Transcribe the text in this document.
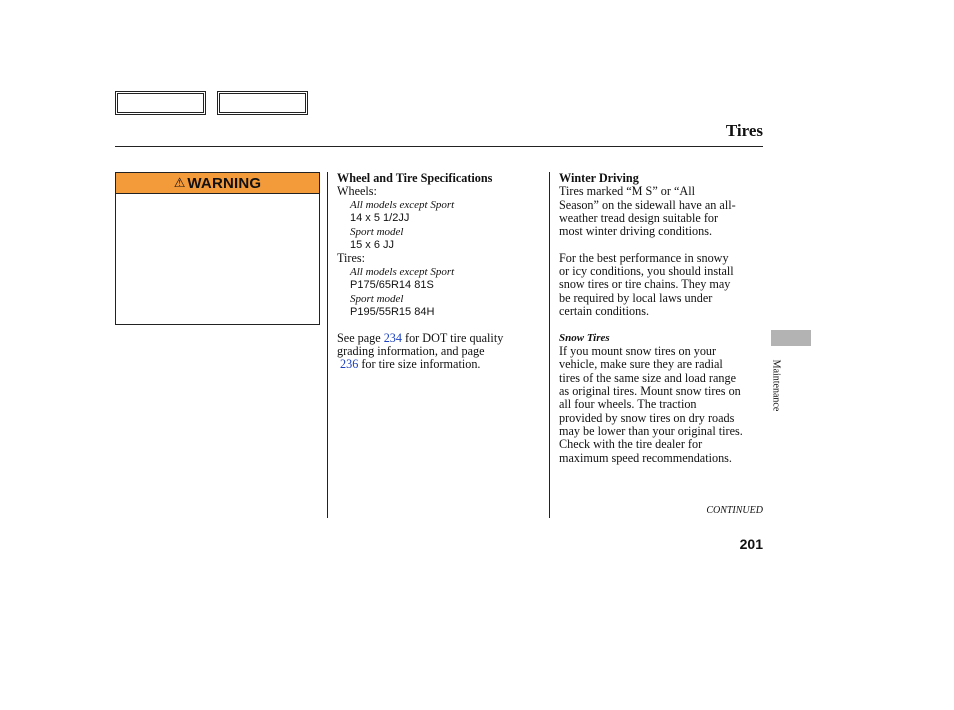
Tires
⚠ WARNING	Wheel and Tire Specifications
Wheels:
All models except Sport
14 x 5 1/2JJ
Sport model
15 x 6 JJ
Tires:
All models except Sport
P175/65R14 81S
Sport model
P195/55R15 84H
See page 234 for DOT tire quality
grading information, and page
236 for tire size information.
Winter Driving
Tires marked “M S” or “All
Season” on the sidewall have an all-
weather tread design suitable for
most winter driving conditions.
For the best performance in snowy
or icy conditions, you should install
snow tires or tire chains. They may
be required by local laws under
certain conditions.
Snow Tires
If you mount snow tires on your
vehicle, make sure they are radial
tires of the same size and load range
as original tires. Mount snow tires on
all four wheels. The traction
provided by snow tires on dry roads
may be lower than your original tires.
Check with the tire dealer for
maximum speed recommendations.
Maintenance
CONTINUED
201
